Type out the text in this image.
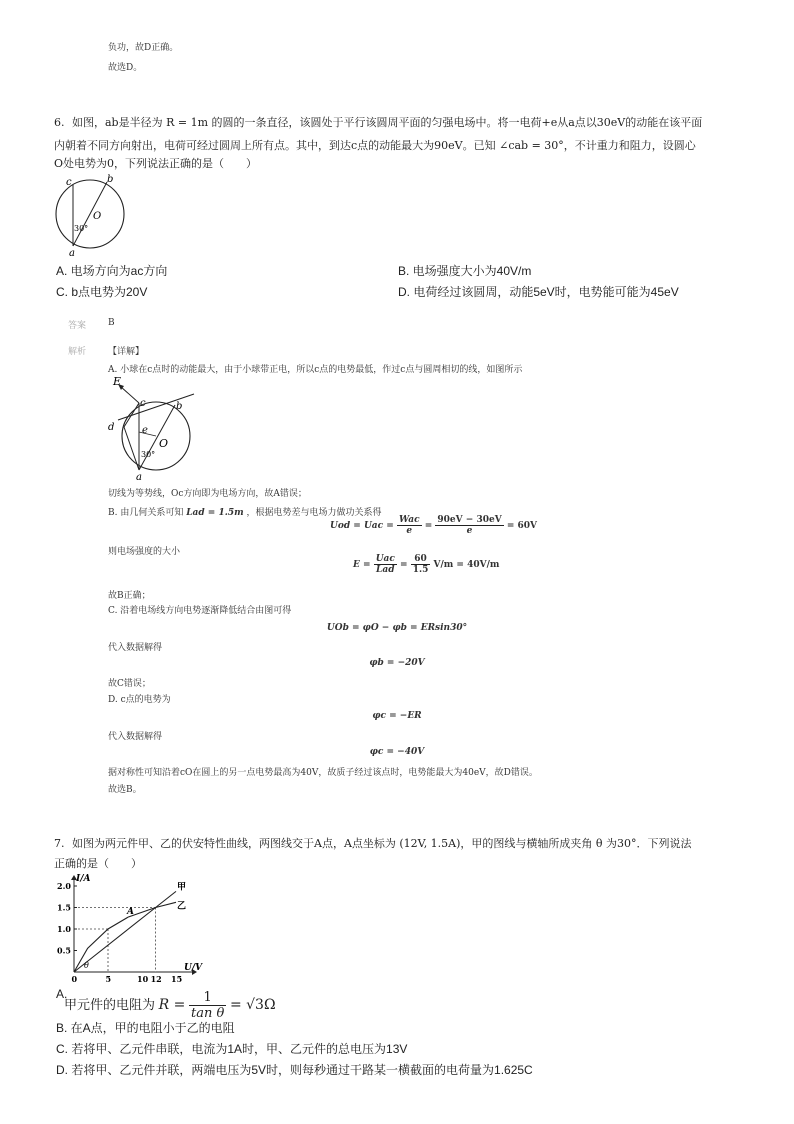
负功，故D正确。
故选D。
6. 如图，ab是半径为 R = 1m 的圆的一条直径，该圆处于平行该圆周平面的匀强电场中。将一电荷+e从a点以30eV的动能在该平面
内朝着不同方向射出，电荷可经过圆周上所有点。其中，到达c点的动能最大为90eV。已知 ∠cab = 30°，不计重力和阻力，设圆心
O处电势为0，下列说法正确的是（　　）
c	b
O
30°
a
A. 电场方向为ac方向	B. 电场强度大小为40V/m
C. b点电势为20V	D. 电荷经过该圆周，动能5eV时，电势能可能为45eV
答案 B
解析 【详解】
A. 小球在c点时的动能最大，由于小球带正电，所以c点的电势最低，作过c点与圆周相切的线，如图所示
E
c	b
d	e
O
30°
a
切线为等势线，Oc方向即为电场方向，故A错误；
B. 由几何关系可知 Lad = 1.5m ，根据电势差与电场力做功关系得
Uod = Uac = $\frac{\text{Wac}}{e} = \frac{90eV - 30eV}{e} = 60V$
则电场强度的大小
$E = \frac{\text{Uac}}{\text{Lad}} = \frac{60}{1.5} V/m = 40V/m$
故B正确；
C. 沿着电场线方向电势逐渐降低结合由图可得
UOb = φO − φb = ERsin30°
代入数据解得
φb = −20V
故C错误；
D. c点的电势为
φc = −ER
代入数据解得
φc = −40V
据对称性可知沿着cO在圆上的另一点电势最高为40V，故质子经过该点时，电势能最大为40eV，故D错误。
故选B。
7. 如图为两元件甲、乙的伏安特性曲线，两图线交于A点，A点坐标为 (12V, 1.5A)，甲的图线与横轴所成夹角 θ 为30°．下列说法
正确的是（　　）
甲
乙
0	5	10 12 15
0.5
1.0
1.5
2.0
I/A
U/V
A
θ
A.
甲元件的电阻为 $R = \frac{1}{\text{tan θ}} = √3\Omega$
B. 在A点，甲的电阻小于乙的电阻
C. 若将甲、乙元件串联，电流为1A时，甲、乙元件的总电压为13V
D. 若将甲、乙元件并联，两端电压为5V时，则每秒通过干路某一横截面的电荷量为1.625C
